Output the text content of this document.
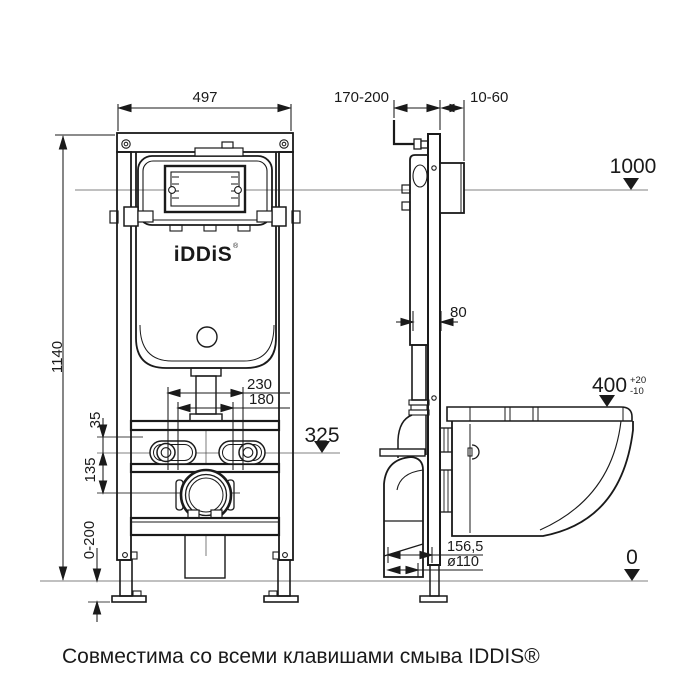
497
1140
230
180
35
135
0-200
170-200	10-60
80
156,5
ø110
1000
400 +20
-10
325
0
iDDiS ®
Совместима со всеми клавишами смыва IDDIS®
